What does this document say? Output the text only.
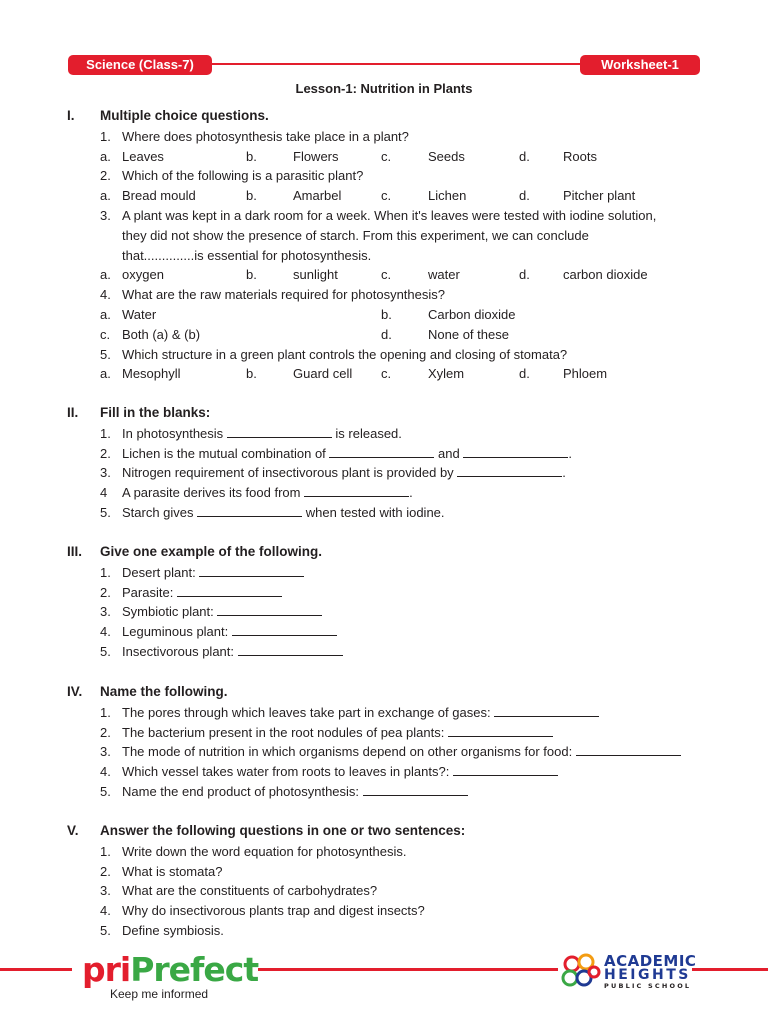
Science (Class-7)	Worksheet-1
Lesson-1: Nutrition in Plants
I. Multiple choice questions.
1. Where does photosynthesis take place in a plant?
a. Leaves	b.	Flowers	c.	Seeds	d.	Roots
2. Which of the following is a parasitic plant?
a. Bread mould	b.	Amarbel	c.	Lichen	d.	Pitcher plant
3. A plant was kept in a dark room for a week. When it's leaves were tested with iodine solution,
they did not show the presence of starch. From this experiment, we can conclude
that..............is essential for photosynthesis.
a. oxygen	b.	sunlight	c.	water	d.	carbon dioxide
4. What are the raw materials required for photosynthesis?
a. Water	b.	Carbon dioxide
c. Both (a) & (b)	d.	None of these
5. Which structure in a green plant controls the opening and closing of stomata?
a. Mesophyll	b.	Guard cell c.	Xylem	d.	Phloem
II. Fill in the blanks:
1. In photosynthesis	is released.
2. Lichen is the mutual combination of	and	.
3. Nitrogen requirement of insectivorous plant is provided by	.
4 A parasite derives its food from	.
5. Starch gives	when tested with iodine.
III. Give one example of the following.
1. Desert plant:
2. Parasite:
3. Symbiotic plant:
4. Leguminous plant:
5. Insectivorous plant:
IV. Name the following.
1. The pores through which leaves take part in exchange of gases:
2. The bacterium present in the root nodules of pea plants:
3. The mode of nutrition in which organisms depend on other organisms for food:
4. Which vessel takes water from roots to leaves in plants?:
5. Name the end product of photosynthesis:
V. Answer the following questions in one or two sentences:
1. Write down the word equation for photosynthesis.
2. What is stomata?
3. What are the constituents of carbohydrates?
4. Why do insectivorous plants trap and digest insects?
5. Define symbiosis.
priPrefect
Keep me informed
ACADEMIC
HEIGHTS
PUBLIC SCHOOL
